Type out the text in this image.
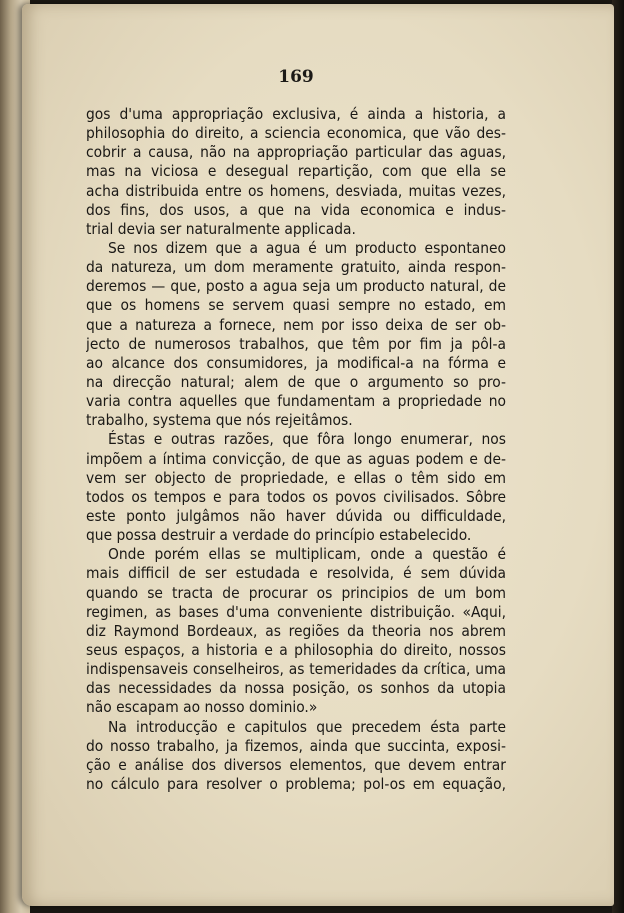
169
gos d'uma appropriação exclusiva, é ainda a historia, a
philosophia do direito, a sciencia economica, que vão des-
cobrir a causa, não na appropriação particular das aguas,
mas na viciosa e desegual repartição, com que ella se
acha distribuida entre os homens, desviada, muitas vezes,
dos fins, dos usos, a que na vida economica e indus-
trial devia ser naturalmente applicada.
Se nos dizem que a agua é um producto espontaneo
da natureza, um dom meramente gratuito, ainda respon-
deremos — que, posto a agua seja um producto natural, de
que os homens se servem quasi sempre no estado, em
que a natureza a fornece, nem por isso deixa de ser ob-
jecto de numerosos trabalhos, que têm por fim ja pôl-a
ao alcance dos consumidores, ja modifical-a na fórma e
na direcção natural; alem de que o argumento so pro-
varia contra aquelles que fundamentam a propriedade no
trabalho, systema que nós rejeitâmos.
Éstas e outras razões, que fôra longo enumerar, nos
impõem a íntima convicção, de que as aguas podem e de-
vem ser objecto de propriedade, e ellas o têm sido em
todos os tempos e para todos os povos civilisados. Sôbre
este ponto julgâmos não haver dúvida ou difficuldade,
que possa destruir a verdade do princípio estabelecido.
Onde porém ellas se multiplicam, onde a questão é
mais difficil de ser estudada e resolvida, é sem dúvida
quando se tracta de procurar os principios de um bom
regimen, as bases d'uma conveniente distribuição. «Aqui,
diz Raymond Bordeaux, as regiões da theoria nos abrem
seus espaços, a historia e a philosophia do direito, nossos
indispensaveis conselheiros, as temeridades da crítica, uma
das necessidades da nossa posição, os sonhos da utopia
não escapam ao nosso dominio.»
Na introducção e capitulos que precedem ésta parte
do nosso trabalho, ja fizemos, ainda que succinta, exposi-
ção e análise dos diversos elementos, que devem entrar
no cálculo para resolver o problema; pol-os em equação,
